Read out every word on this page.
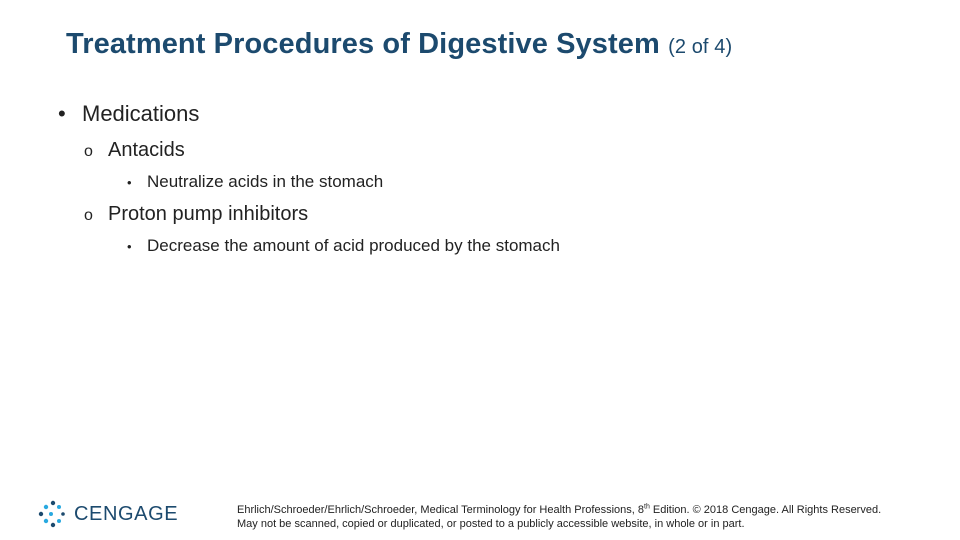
Treatment Procedures of Digestive System (2 of 4)
• Medications
o Antacids
• Neutralize acids in the stomach
o Proton pump inhibitors
• Decrease the amount of acid produced by the stomach
CENGAGE	Ehrlich/Schroeder/Ehrlich/Schroeder, Medical Terminology for Health Professions, 8th Edition. © 2018 Cengage. All Rights Reserved.
May not be scanned, copied or duplicated, or posted to a publicly accessible website, in whole or in part.
